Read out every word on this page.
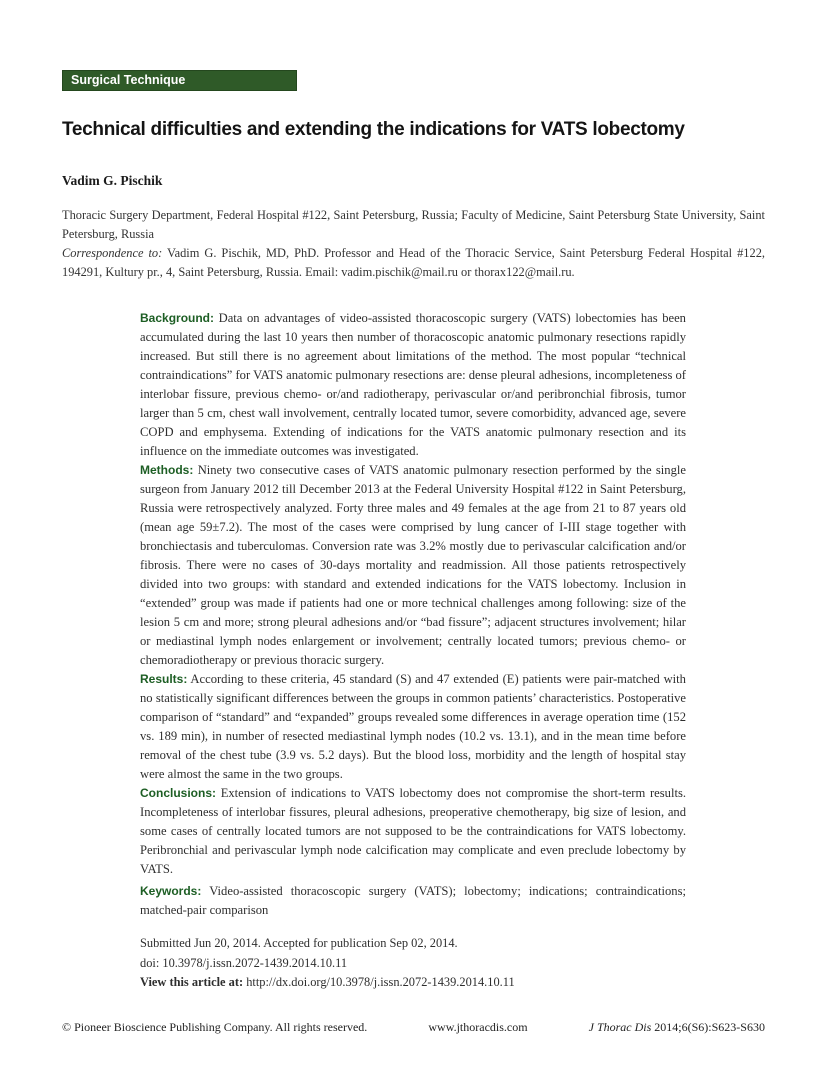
Surgical Technique
Technical difficulties and extending the indications for VATS lobectomy
Vadim G. Pischik

Thoracic Surgery Department, Federal Hospital #122, Saint Petersburg, Russia; Faculty of Medicine, Saint Petersburg State University, Saint Petersburg, Russia

Correspondence to: Vadim G. Pischik, MD, PhD. Professor and Head of the Thoracic Service, Saint Petersburg Federal Hospital #122, 194291, Kultury pr., 4, Saint Petersburg, Russia. Email: vadim.pischik@mail.ru or thorax122@mail.ru.

Background: Data on advantages of video-assisted thoracoscopic surgery (VATS) lobectomies has been accumulated during the last 10 years then number of thoracoscopic anatomic pulmonary resections rapidly increased. But still there is no agreement about limitations of the method. The most popular “technical contraindications” for VATS anatomic pulmonary resections are: dense pleural adhesions, incompleteness of interlobar fissure, previous chemo- or/and radiotherapy, perivascular or/and peribronchial fibrosis, tumor larger than 5 cm, chest wall involvement, centrally located tumor, severe comorbidity, advanced age, severe COPD and emphysema. Extending of indications for the VATS anatomic pulmonary resection and its influence on the immediate outcomes was investigated.

Methods: Ninety two consecutive cases of VATS anatomic pulmonary resection performed by the single surgeon from January 2012 till December 2013 at the Federal University Hospital #122 in Saint Petersburg, Russia were retrospectively analyzed. Forty three males and 49 females at the age from 21 to 87 years old (mean age 59±7.2). The most of the cases were comprised by lung cancer of I-III stage together with bronchiectasis and tuberculomas. Conversion rate was 3.2% mostly due to perivascular calcification and/or fibrosis. There were no cases of 30-days mortality and readmission. All those patients retrospectively divided into two groups: with standard and extended indications for the VATS lobectomy. Inclusion in “extended” group was made if patients had one or more technical challenges among following: size of the lesion 5 cm and more; strong pleural adhesions and/or “bad fissure”; adjacent structures involvement; hilar or mediastinal lymph nodes enlargement or involvement; centrally located tumors; previous chemo- or chemoradiotherapy or previous thoracic surgery.

Results: According to these criteria, 45 standard (S) and 47 extended (E) patients were pair-matched with no statistically significant differences between the groups in common patients’ characteristics. Postoperative comparison of “standard” and “expanded” groups revealed some differences in average operation time (152 vs. 189 min), in number of resected mediastinal lymph nodes (10.2 vs. 13.1), and in the mean time before removal of the chest tube (3.9 vs. 5.2 days). But the blood loss, morbidity and the length of hospital stay were almost the same in the two groups.

Conclusions: Extension of indications to VATS lobectomy does not compromise the short-term results. Incompleteness of interlobar fissures, pleural adhesions, preoperative chemotherapy, big size of lesion, and some cases of centrally located tumors are not supposed to be the contraindications for VATS lobectomy. Peribronchial and perivascular lymph node calcification may complicate and even preclude lobectomy by VATS.

Keywords: Video-assisted thoracoscopic surgery (VATS); lobectomy; indications; contraindications; matched-pair comparison

Submitted Jun 20, 2014. Accepted for publication Sep 02, 2014.

doi: 10.3978/j.issn.2072-1439.2014.10.11

View this article at: http://dx.doi.org/10.3978/j.issn.2072-1439.2014.10.11

© Pioneer Bioscience Publishing Company. All rights reserved.	www.jthoracdis.com	J Thorac Dis 2014;6(S6):S623-S630
